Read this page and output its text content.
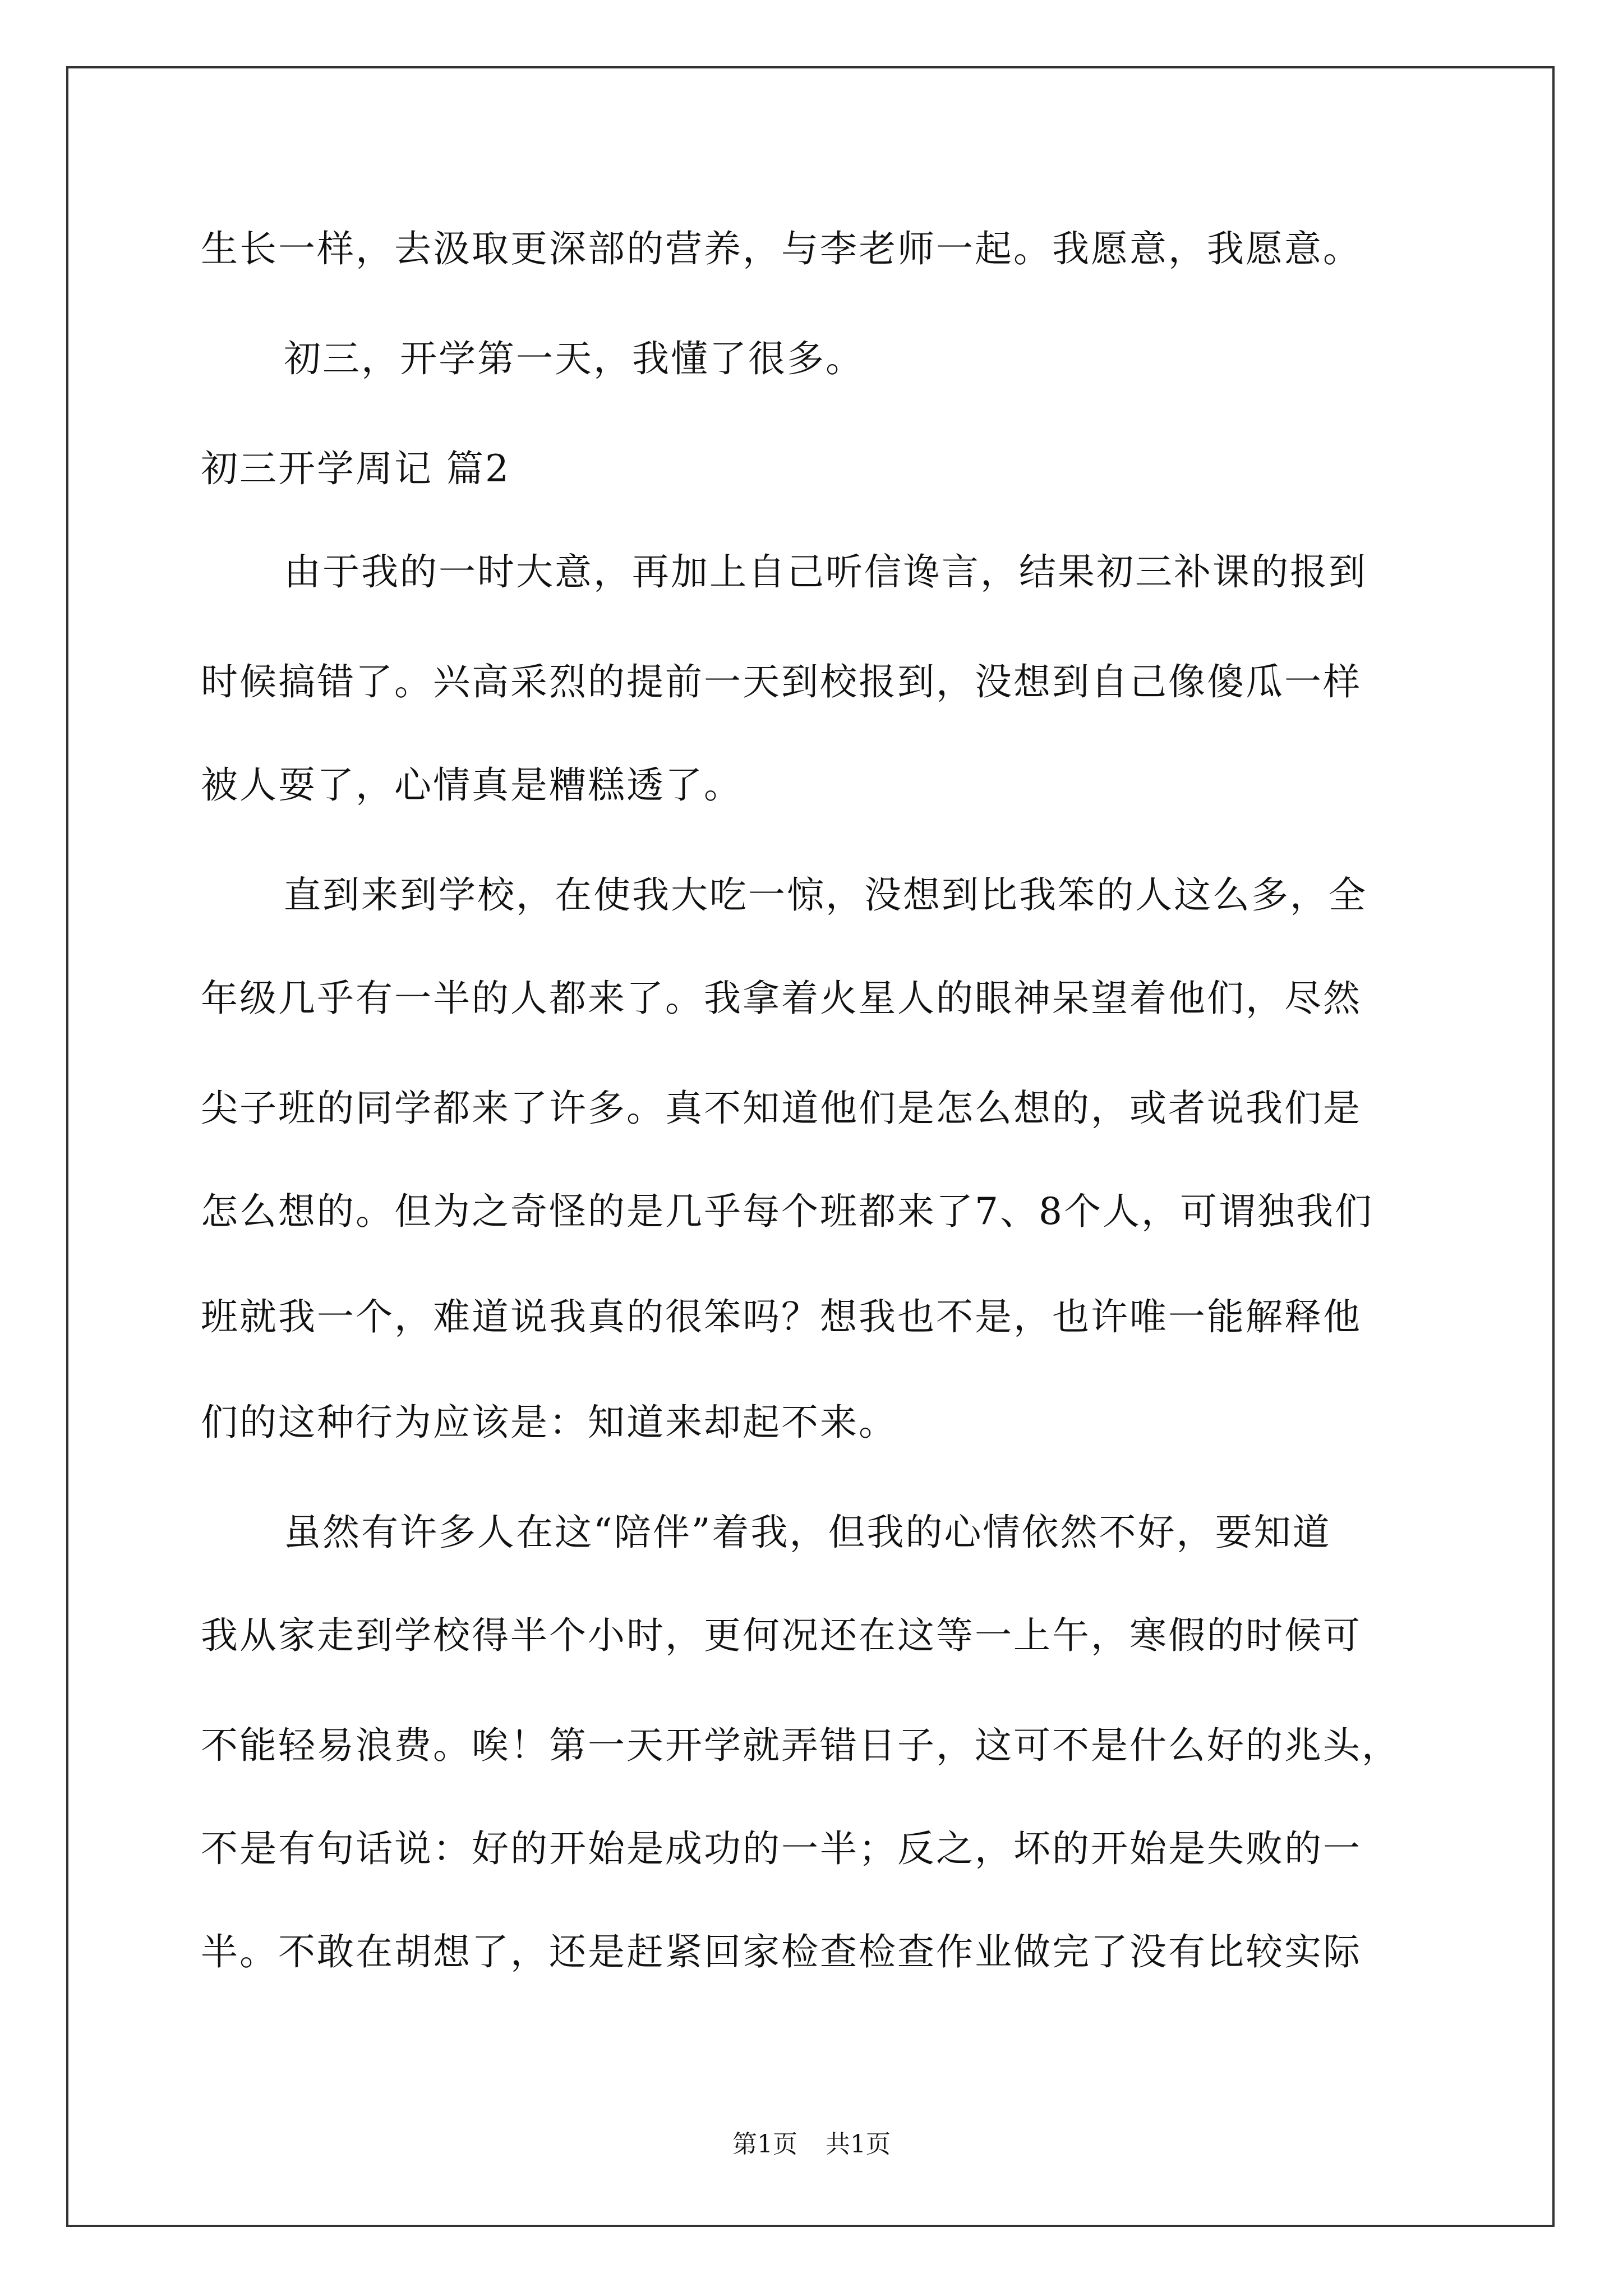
生长一样，去汲取更深部的营养，与李老师一起。我愿意，我愿意。

初三，开学第一天，我懂了很多。

初三开学周记 篇2

由于我的一时大意，再加上自己听信谗言，结果初三补课的报到

时候搞错了。兴高采烈的提前一天到校报到，没想到自己像傻瓜一样

被人耍了，心情真是糟糕透了。

直到来到学校，在使我大吃一惊，没想到比我笨的人这么多，全

年级几乎有一半的人都来了。我拿着火星人的眼神呆望着他们，尽然

尖子班的同学都来了许多。真不知道他们是怎么想的，或者说我们是

怎么想的。但为之奇怪的是几乎每个班都来了7、8个人，可谓独我们

班就我一个，难道说我真的很笨吗？想我也不是，也许唯一能解释他

们的这种行为应该是：知道来却起不来。

虽然有许多人在这“陪伴”着我，但我的心情依然不好，要知道

我从家走到学校得半个小时，更何况还在这等一上午，寒假的时候可

不能轻易浪费。唉！第一天开学就弄错日子，这可不是什么好的兆头，

不是有句话说：好的开始是成功的一半；反之，坏的开始是失败的一

半。不敢在胡想了，还是赶紧回家检查检查作业做完了没有比较实际

第1页 共1页
